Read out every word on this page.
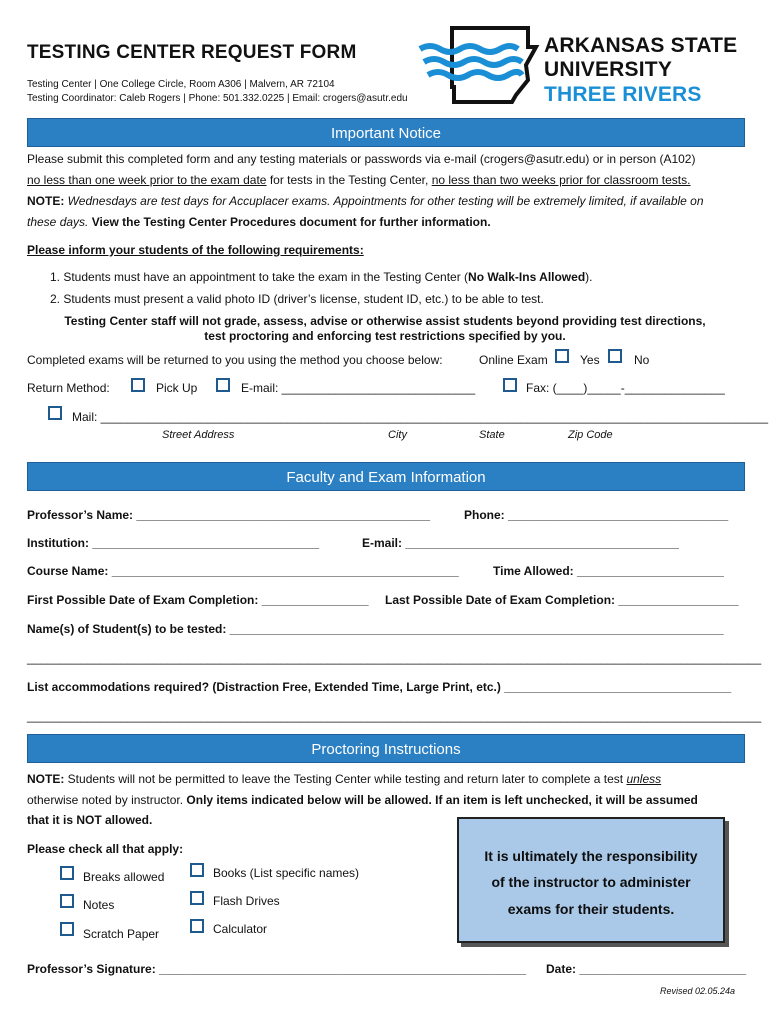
TESTING CENTER REQUEST FORM
Testing Center | One College Circle, Room A306 | Malvern, AR 72104
Testing Coordinator: Caleb Rogers | Phone: 501.332.0225 | Email: crogers@asutr.edu
ARKANSAS STATE
UNIVERSITY
THREE RIVERS
Important Notice
Please submit this completed form and any testing materials or passwords via e-mail (crogers@asutr.edu) or in person (A102)
no less than one week prior to the exam date for tests in the Testing Center, no less than two weeks prior for classroom tests.
NOTE: Wednesdays are test days for Accuplacer exams. Appointments for other testing will be extremely limited, if available on
these days. View the Testing Center Procedures document for further information.
Please inform your students of the following requirements:
1. Students must have an appointment to take the exam in the Testing Center (No Walk-Ins Allowed).
2. Students must present a valid photo ID (driver’s license, student ID, etc.) to be able to test.
Testing Center staff will not grade, assess, advise or otherwise assist students beyond providing test directions,
test proctoring and enforcing test restrictions specified by you.
Completed exams will be returned to you using the method you choose below:	Online Exam	Yes	No
Return Method:	Pick Up	E-mail: _____________________________	Fax: (____)_____-_______________
Mail: ____________________________________________________________________________________________________
Street Address	City	State	Zip Code
Faculty and Exam Information
Professor’s Name: ____________________________________________	Phone: _________________________________
Institution: __________________________________	E-mail: _________________________________________
Course Name: ____________________________________________________	Time Allowed: ______________________
First Possible Date of Exam Completion: ________________ Last Possible Date of Exam Completion: __________________
Name(s) of Student(s) to be tested: __________________________________________________________________________
______________________________________________________________________________________________________________
List accommodations required? (Distraction Free, Extended Time, Large Print, etc.) __________________________________
______________________________________________________________________________________________________________
Proctoring Instructions
NOTE: Students will not be permitted to leave the Testing Center while testing and return later to complete a test unless
otherwise noted by instructor. Only items indicated below will be allowed. If an item is left unchecked, it will be assumed
that it is NOT allowed.
Please check all that apply:
Breaks allowed
Notes
Scratch Paper
Books (List specific names)
Flash Drives
Calculator
It is ultimately the responsibility
of the instructor to administer
exams for their students.
Professor’s Signature: _______________________________________________________ Date: _________________________
Revised 02.05.24a
